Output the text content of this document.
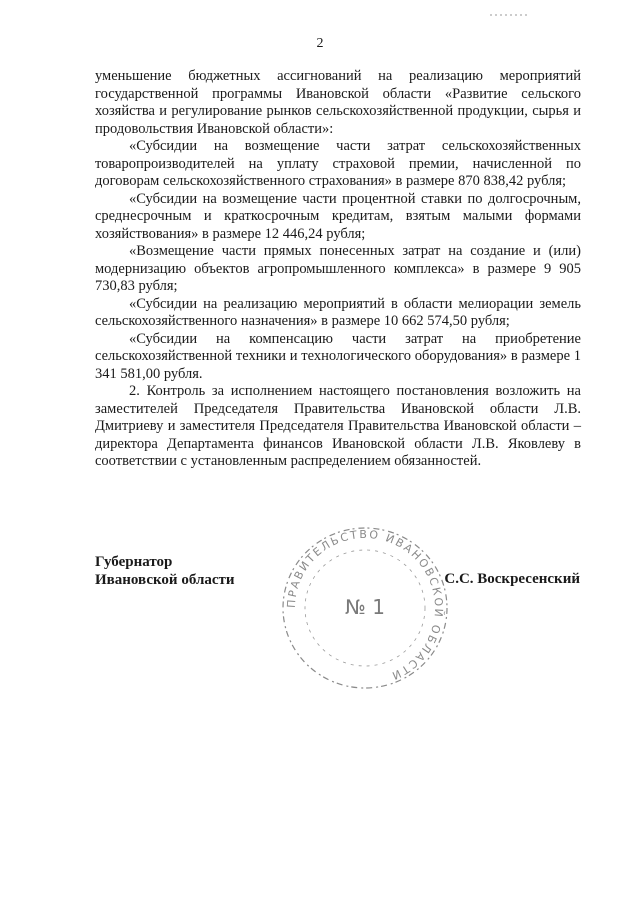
2

уменьшение бюджетных ассигнований на реализацию мероприятий государственной программы Ивановской области «Развитие сельского хозяйства и регулирование рынков сельскохозяйственной продукции, сырья и продовольствия Ивановской области»:

«Субсидии на возмещение части затрат сельскохозяйственных товаропроизводителей на уплату страховой премии, начисленной по договорам сельскохозяйственного страхования» в размере 870 838,42 рубля;

«Субсидии на возмещение части процентной ставки по долгосрочным, среднесрочным и краткосрочным кредитам, взятым малыми формами хозяйствования» в размере 12 446,24 рубля;

«Возмещение части прямых понесенных затрат на создание и (или) модернизацию объектов агропромышленного комплекса» в размере 9 905 730,83 рубля;

«Субсидии на реализацию мероприятий в области мелиорации земель сельскохозяйственного назначения» в размере 10 662 574,50 рубля;

«Субсидии на компенсацию части затрат на приобретение сельскохозяйственной техники и технологического оборудования» в размере 1 341 581,00 рубля.

2. Контроль за исполнением настоящего постановления возложить на заместителей Председателя Правительства Ивановской области Л.В. Дмитриеву и заместителя Председателя Правительства Ивановской области – директора Департамента финансов Ивановской области Л.В. Яковлеву в соответствии с установленным распределением обязанностей.

Губернатор
Ивановской области	С.С. Воскресенский
ПРАВИТЕЛЬСТВО ИВАНОВСКОЙ ОБЛАСТИ
№ 1
